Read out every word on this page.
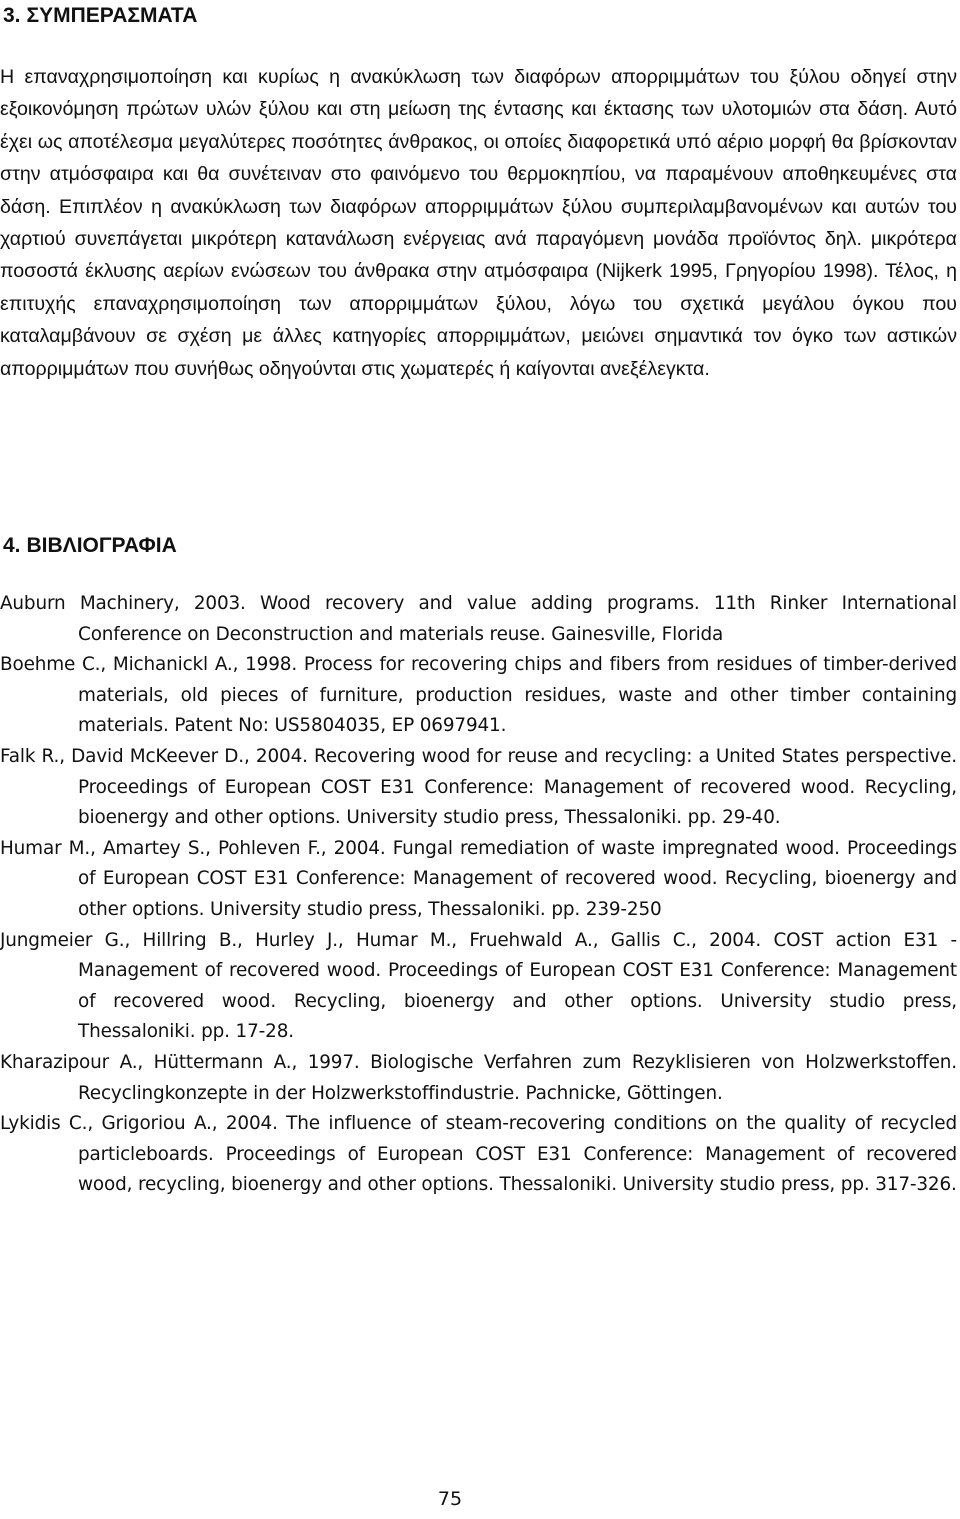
3. ΣΥΜΠΕΡΑΣΜΑΤΑ

Η επαναχρησιμοποίηση και κυρίως η ανακύκλωση των διαφόρων απορριμμάτων του ξύλου οδηγεί στην εξοικονόμηση πρώτων υλών ξύλου και στη μείωση της έντασης και έκτασης των υλοτομιών στα δάση. Αυτό έχει ως αποτέλεσμα μεγαλύτερες ποσότητες άνθρακος, οι οποίες διαφορετικά υπό αέριο μορφή θα βρίσκονταν στην ατμόσφαιρα και θα συνέτειναν στο φαινόμενο του θερμοκηπίου, να παραμένουν αποθηκευμένες στα δάση. Επιπλέον η ανακύκλωση των διαφόρων απορριμμάτων ξύλου συμπεριλαμβανομένων και αυτών του χαρτιού συνεπάγεται μικρότερη κατανάλωση ενέργειας ανά παραγόμενη μονάδα προϊόντος δηλ. μικρότερα ποσοστά έκλυσης αερίων ενώσεων του άνθρακα στην ατμόσφαιρα (Nijkerk 1995, Γρηγορίου 1998). Τέλος, η επιτυχής επαναχρησιμοποίηση των απορριμμάτων ξύλου, λόγω του σχετικά μεγάλου όγκου που καταλαμβάνουν σε σχέση με άλλες κατηγορίες απορριμμάτων, μειώνει σημαντικά τον όγκο των αστικών απορριμμάτων που συνήθως οδηγούνται στις χωματερές ή καίγονται ανεξέλεγκτα.

4. ΒΙΒΛΙΟΓΡΑΦΙΑ
Auburn Machinery, 2003. Wood recovery and value adding programs. 11th Rinker International Conference on Deconstruction and materials reuse. Gainesville, Florida
Boehme C., Michanickl A., 1998. Process for recovering chips and fibers from residues of timber-derived materials, old pieces of furniture, production residues, waste and other timber containing materials. Patent No: US5804035, EP 0697941.
Falk R., David McKeever D., 2004. Recovering wood for reuse and recycling: a United States perspective. Proceedings of European COST E31 Conference: Management of recovered wood. Recycling, bioenergy and other options. University studio press, Thessaloniki. pp. 29-40.
Humar M., Amartey S., Pohleven F., 2004. Fungal remediation of waste impregnated wood. Proceedings of European COST E31 Conference: Management of recovered wood. Recycling, bioenergy and other options. University studio press, Thessaloniki. pp. 239-250
Jungmeier G., Hillring B., Hurley J., Humar M., Fruehwald A., Gallis C., 2004. COST action E31 - Management of recovered wood. Proceedings of European COST E31 Conference: Management of recovered wood. Recycling, bioenergy and other options. University studio press, Thessaloniki. pp. 17-28.
Kharazipour A., Hüttermann A., 1997. Biologische Verfahren zum Rezyklisieren von Holzwerkstoffen. Recyclingkonzepte in der Holzwerkstoffindustrie. Pachnicke, Göttingen.
Lykidis C., Grigoriou A., 2004. The influence of steam-recovering conditions on the quality of recycled particleboards. Proceedings of European COST E31 Conference: Management of recovered wood, recycling, bioenergy and other options. Thessaloniki. University studio press, pp. 317-326.
75
